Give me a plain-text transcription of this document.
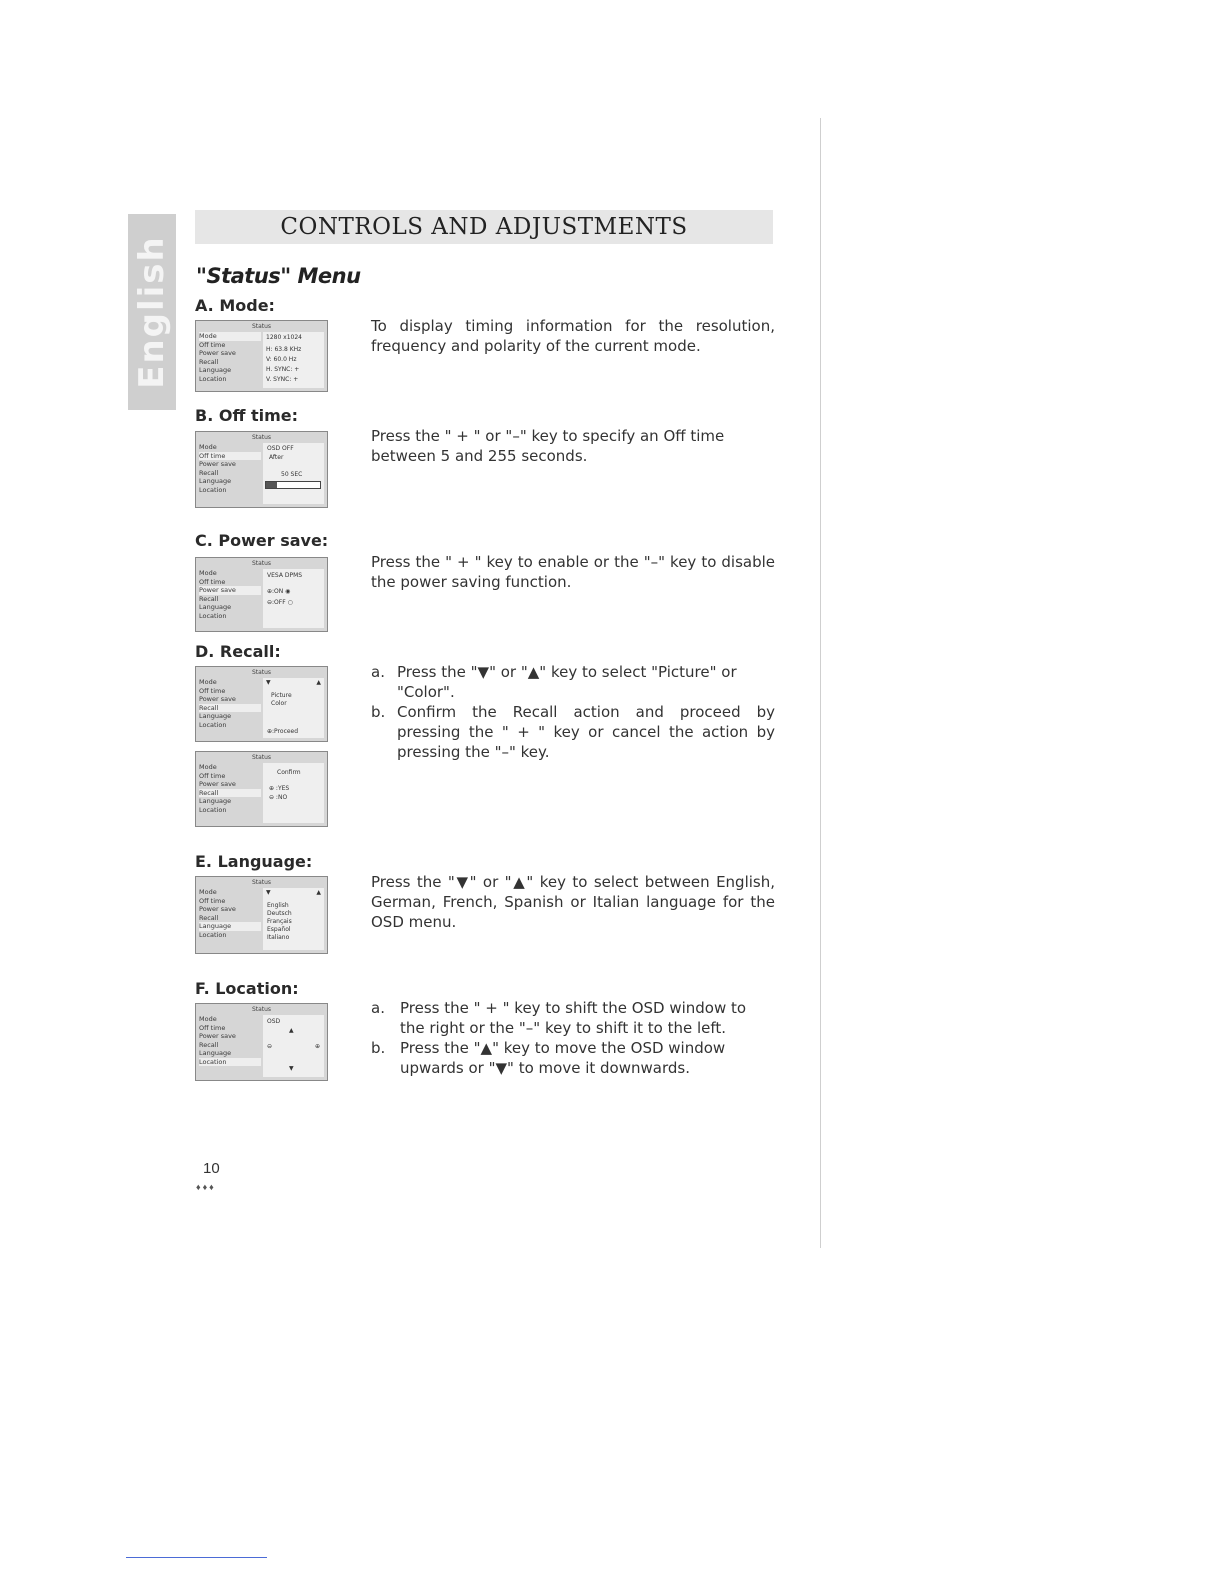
English
CONTROLS AND ADJUSTMENTS
"Status" Menu
A. Mode:
Status
Mode
Off time
Power save
Recall
Language
Location
1280 x1024
H: 63.8 KHz
V: 60.0 Hz
H. SYNC: +
V. SYNC: +

To display timing information for the resolution, frequency and polarity of the current mode.

B. Off time:
Status
Mode
Off time
Power save
Recall
Language
Location
OSD OFF
After
50 SEC

Press the " + " or "–" key to specify an Off time between 5 and 255 seconds.

C. Power save:
Status
Mode
Off time
Power save
Recall
Language
Location
VESA DPMS
⊕:ON ◉
⊖:OFF ○

Press the " + " key to enable or the "–" key to disable the power saving function.

D. Recall:
Status
Mode
Off time
Power save
Recall
Language
Location
▼	▲
Picture
Color
⊕:Proceed
Status
Mode
Off time
Power save
Recall
Language
Location
Confirm
⊕ :YES
⊖ :NO
a. Press the "▼" or "▲" key to select "Picture" or "Color".
b. Confirm the Recall action and proceed by pressing the " + " key or cancel the action by pressing the "–" key.
E. Language:
Status
Mode
Off time
Power save
Recall
Language
Location
▼	▲
English
Deutsch
Français
Español
Italiano

Press the "▼" or "▲" key to select between English, German, French, Spanish or Italian language for the OSD menu.

F. Location:
Status
Mode
Off time
Power save
Recall
Language
Location
OSD
▲
⊖	⊕
▼
a.	Press the " + " key to shift the OSD window to the right or the "–" key to shift it to the left.
b. Press the "▲" key to move the OSD window upwards or "▼" to move it downwards.
10
♦♦♦
